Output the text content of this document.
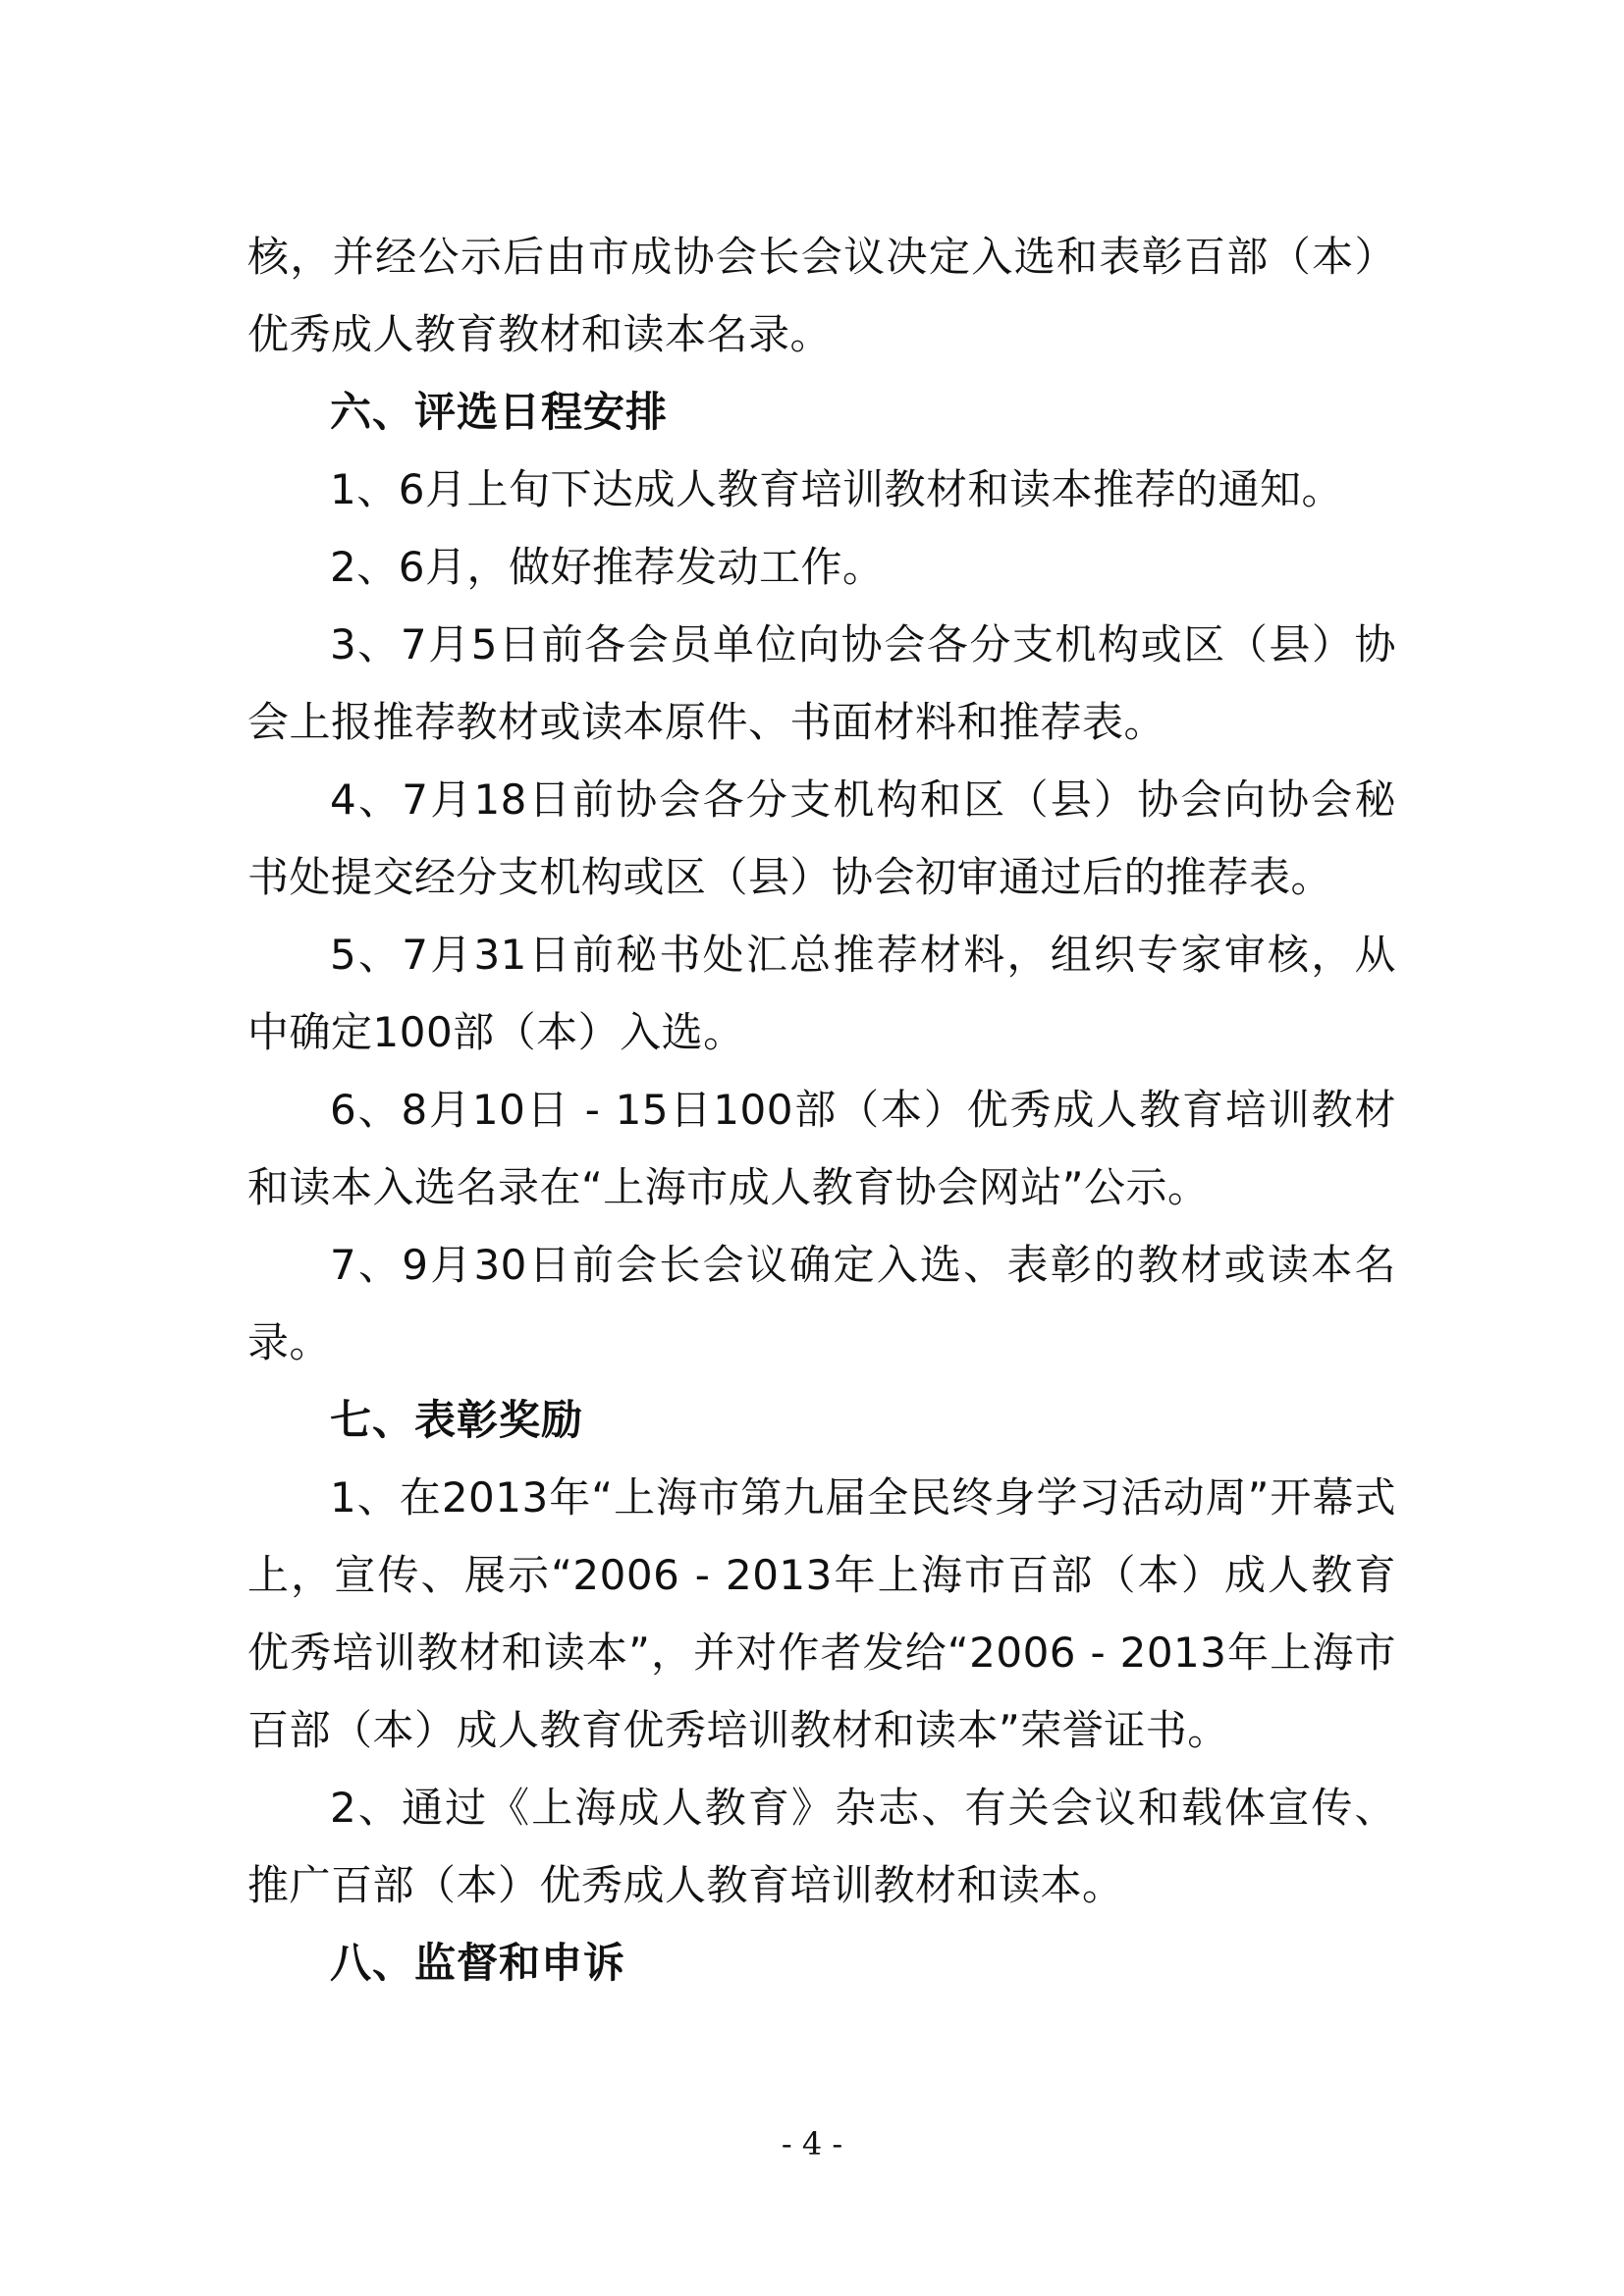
核，并经公示后由市成协会长会议决定入选和表彰百部（本）优秀成人教育教材和读本名录。

六、评选日程安排

1、6月上旬下达成人教育培训教材和读本推荐的通知。

2、6月，做好推荐发动工作。

3、7月5日前各会员单位向协会各分支机构或区（县）协会上报推荐教材或读本原件、书面材料和推荐表。

4、7月18日前协会各分支机构和区（县）协会向协会秘书处提交经分支机构或区（县）协会初审通过后的推荐表。

5、7月31日前秘书处汇总推荐材料，组织专家审核，从中确定100部（本）入选。

6、8月10日 - 15日100部（本）优秀成人教育培训教材和读本入选名录在“上海市成人教育协会网站”公示。

7、9月30日前会长会议确定入选、表彰的教材或读本名录。

七、表彰奖励

1、在2013年“上海市第九届全民终身学习活动周”开幕式上，宣传、展示“2006 - 2013年上海市百部（本）成人教育优秀培训教材和读本”，并对作者发给“2006 - 2013年上海市百部（本）成人教育优秀培训教材和读本”荣誉证书。

2、通过《上海成人教育》杂志、有关会议和载体宣传、推广百部（本）优秀成人教育培训教材和读本。

八、监督和申诉

- 4 -
